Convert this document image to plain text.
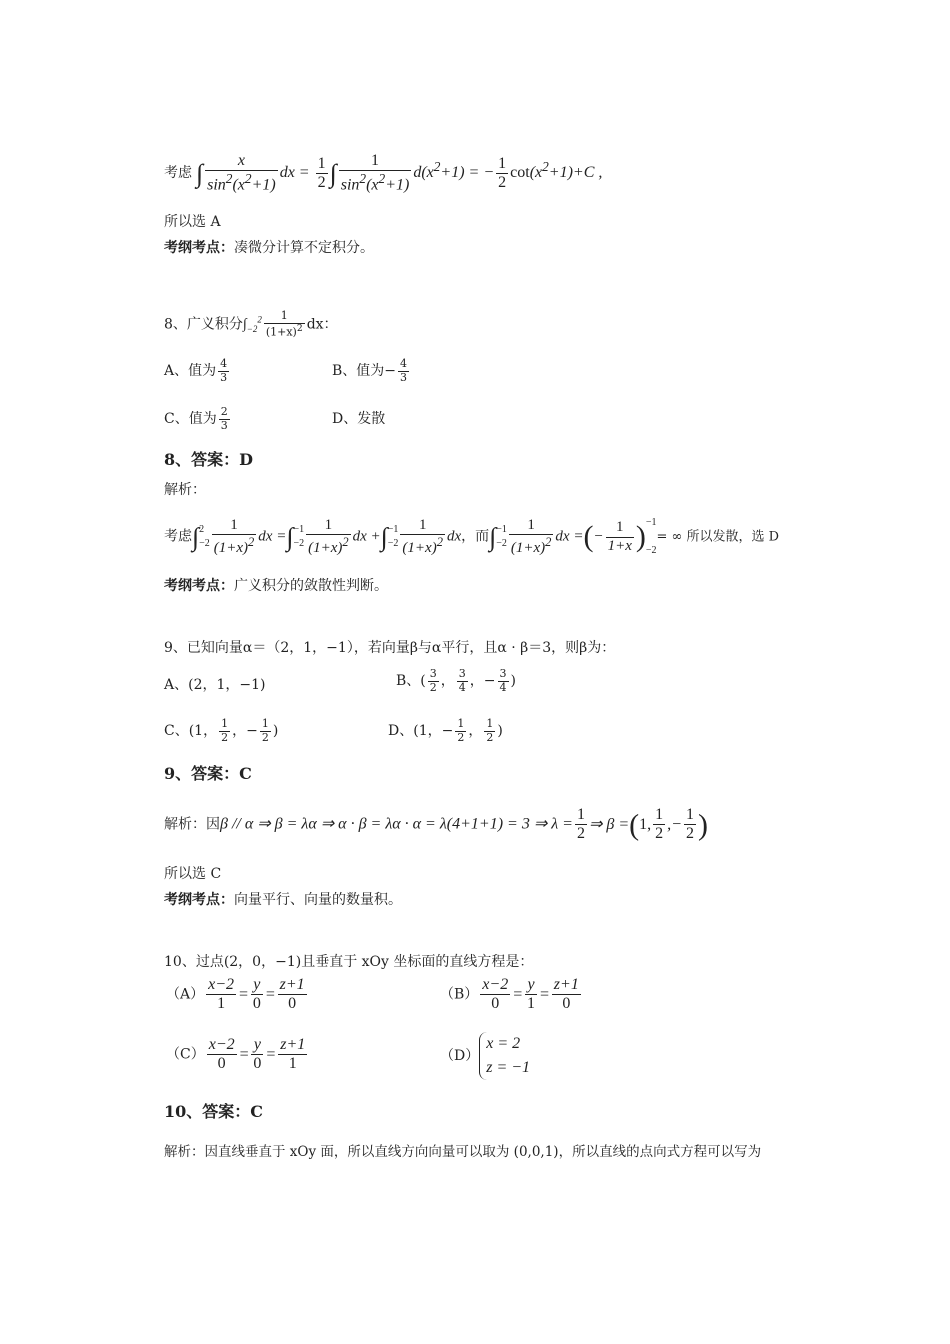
考虑 ∫ $\frac{x}{\sin^2(x^2+1)}$ dx = $\frac{1}{2}$ ∫ $\frac{1}{\sin^2(x^2+1)} d(x^2+1)$ = − $\frac{1}{2} \cot(x^2+1)+C$ ,
所以选 A
考纲考点：凑微分计算不定积分。
8、广义积分$\int_{-2}^2 \frac{1}{(1+x)^2}$ dx：
A、值为 $\frac{4}{3}$	B、值为− $\frac{4}{3}$
C、值为 $\frac{2}{3}$	D、发散
8、答案：D
解析：
考虑∫2
$-2 \frac{1}{(1+x)^2}$ dx =∫−1
$-2 \frac{1}{(1+x)^2}$ dx +∫−1
$-2 \frac{1}{(1+x)^2}$ dx，而∫−1
$-2 \frac{1}{(1+x)^2}$ dx =(− $\frac{1}{1+x} )-1$

−2= ∞ 所以发散，选 D
考纲考点：广义积分的敛散性判断。
9、已知向量α＝（2，1，−1），若向量β与α平行，且α · β＝3，则β为：
A、(2，1，−1)	B、( $\frac{3}{2}$ ， $\frac{3}{4}$ ，− $\frac{3}{4}$ )
C、(1， $\frac{1}{2}$ ，− $\frac{1}{2}$ )	D、(1，− $\frac{1}{2}$ ， $\frac{1}{2}$ )
9、答案：C
解析：因β // α ⇒ β = λα ⇒ α · β = λα · α = λ(4+1+1) = 3 ⇒ $\lambda = \frac{1}{2}$ ⇒ β =(1, $\frac{1}{2}$ ,− $\frac{1}{2}$ )
所以选 C
考纲考点：向量平行、向量的数量积。
10、过点(2，0，−1)且垂直于 xOy 坐标面的直线方程是：
$(A) \frac{x-2}{1} = \frac{y}{0} = \frac{z+1}{0}$	$(B) \frac{x-2}{0} = \frac{y}{1} = \frac{z+1}{0}$
$(C) \frac{x-2}{0} = \frac{y}{0} = \frac{z+1}{1}$	（D）
x = 2
z = −1
10、答案：C
解析：因直线垂直于 xOy 面，所以直线方向向量可以取为 (0,0,1)，所以直线的点向式方程可以写为
